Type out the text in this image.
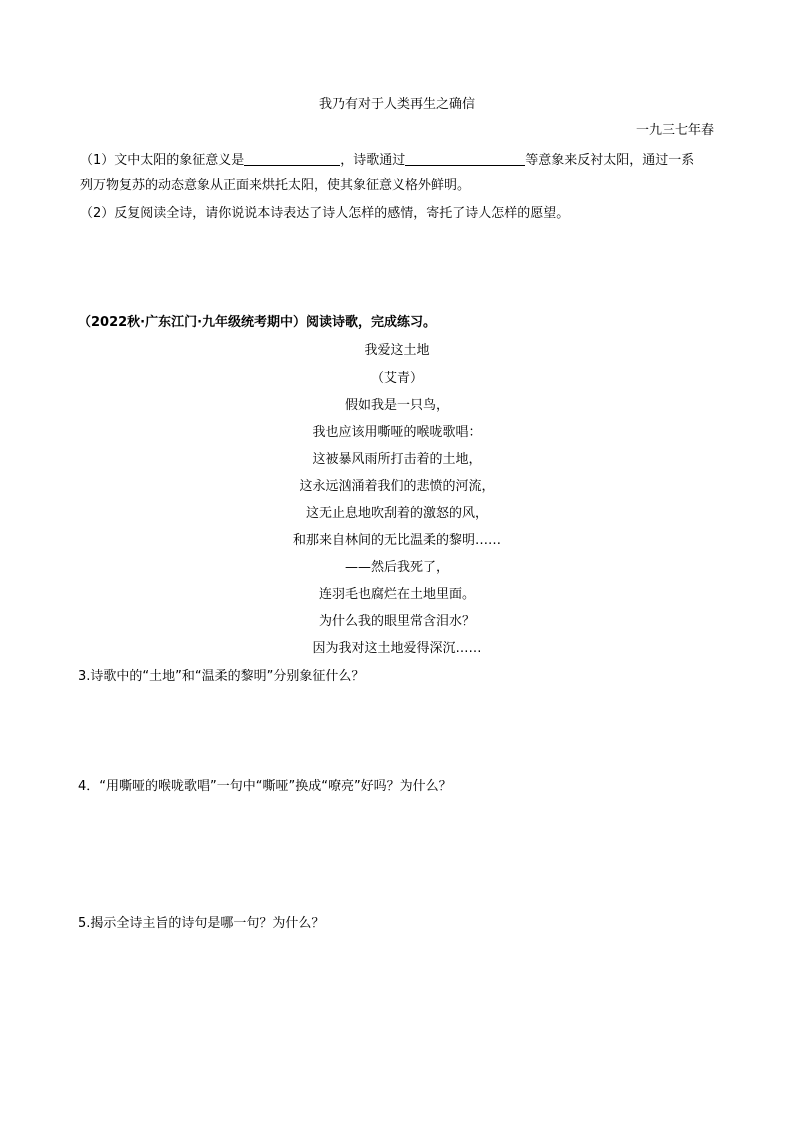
我乃有对于人类再生之确信
一九三七年春
（1）文中太阳的象征意义是	，诗歌通过	等意象来反衬太阳，通过一系
列万物复苏的动态意象从正面来烘托太阳，使其象征意义格外鲜明。
（2）反复阅读全诗，请你说说本诗表达了诗人怎样的感情，寄托了诗人怎样的愿望。
（2022秋·广东江门·九年级统考期中）阅读诗歌，完成练习。
我爱这土地
（艾青）
假如我是一只鸟，
我也应该用嘶哑的喉咙歌唱：
这被暴风雨所打击着的土地，
这永远汹涌着我们的悲愤的河流，
这无止息地吹刮着的激怒的风，
和那来自林间的无比温柔的黎明……
——然后我死了，
连羽毛也腐烂在土地里面。
为什么我的眼里常含泪水？
因为我对这土地爱得深沉……
3.诗歌中的“土地”和“温柔的黎明”分别象征什么？
4．“用嘶哑的喉咙歌唱”一句中“嘶哑”换成“嘹亮”好吗？为什么？
5.揭示全诗主旨的诗句是哪一句？为什么？
